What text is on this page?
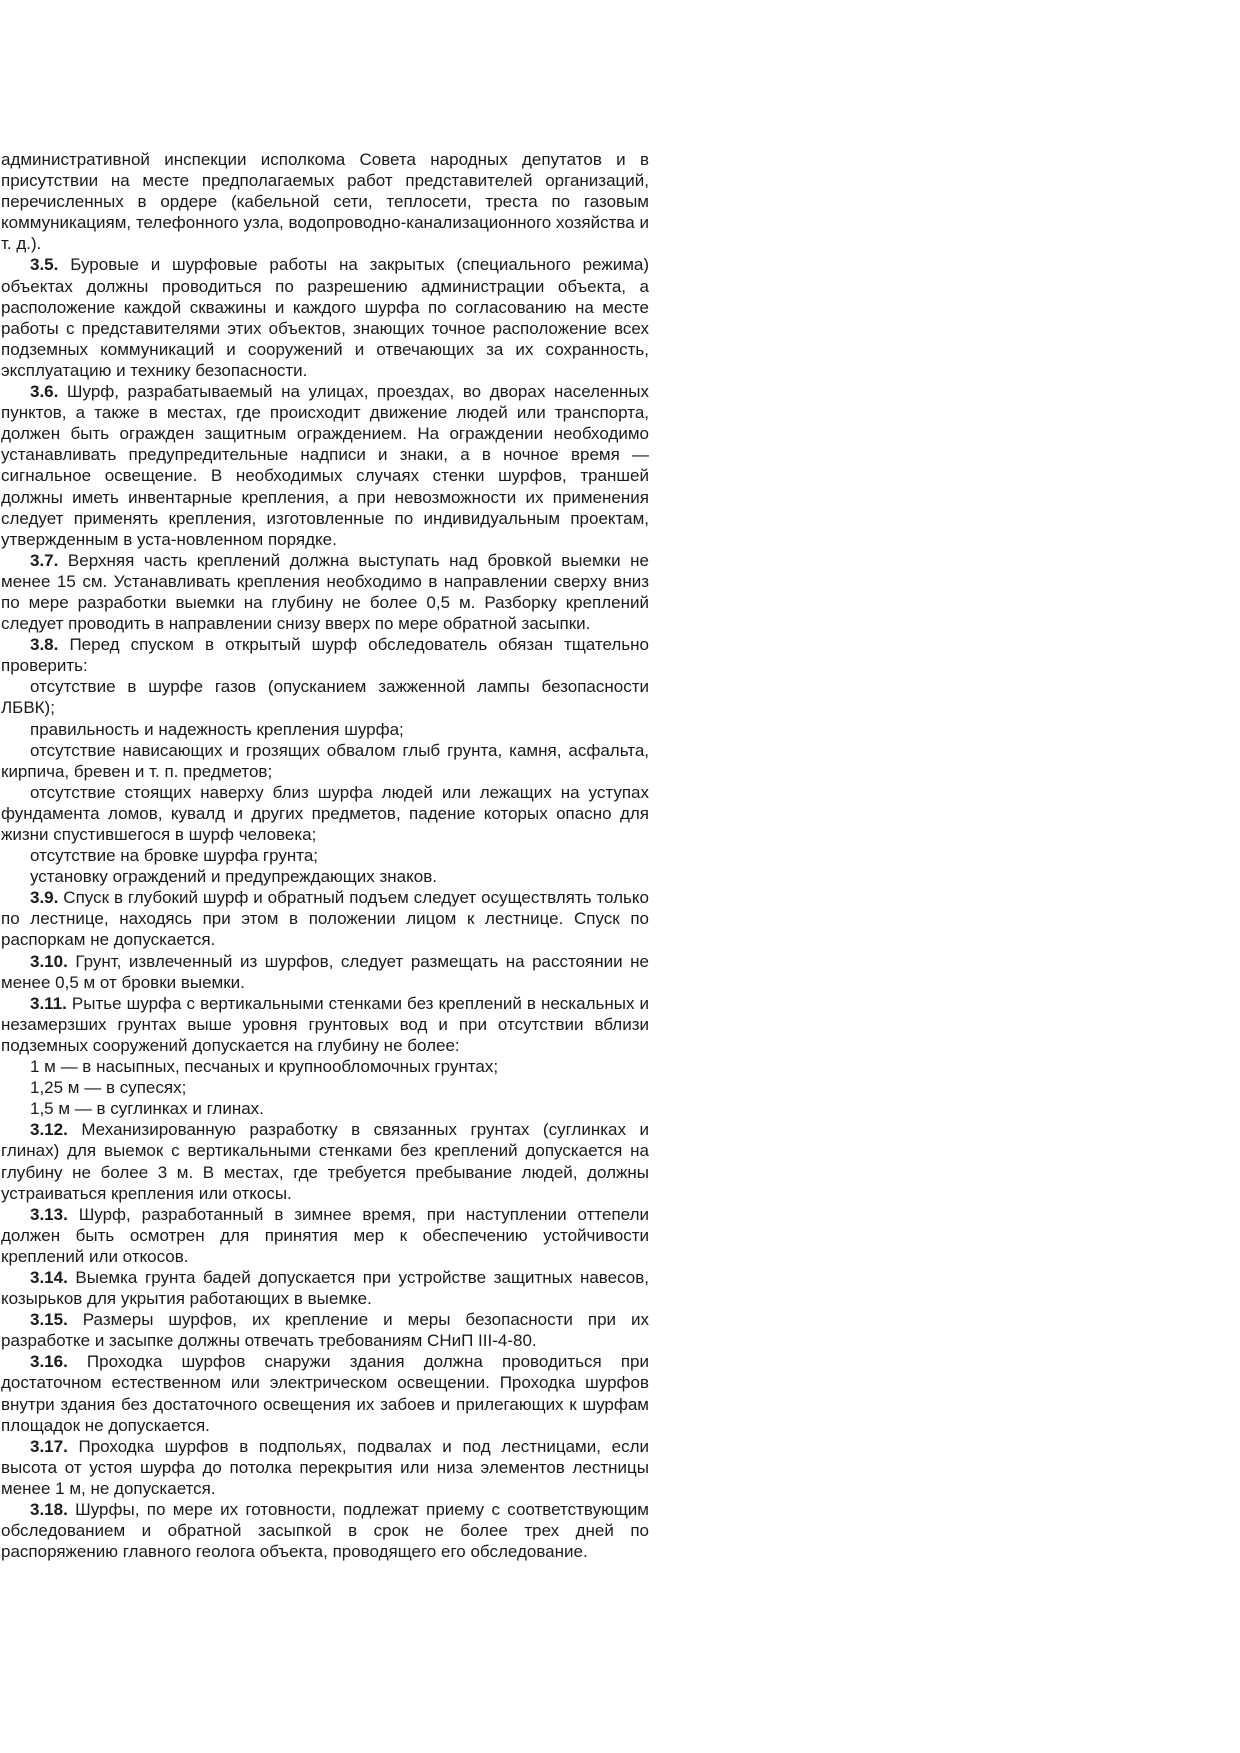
административной инспекции исполкома Совета народных депутатов и в присутствии на месте предполагаемых работ представителей организаций, перечисленных в ордере (кабельной сети, теплосети, треста по газовым коммуникациям, телефонного узла, водопроводно-канализационного хозяйства и т. д.).

3.5. Буровые и шурфовые работы на закрытых (специального режима) объектах должны проводиться по разрешению администрации объекта, а расположение каждой скважины и каждого шурфа по согласованию на месте работы с представителями этих объектов, знающих точное расположение всех подземных коммуникаций и сооружений и отвечающих за их сохранность, эксплуатацию и технику безопасности.

3.6. Шурф, разрабатываемый на улицах, проездах, во дворах населенных пунктов, а также в местах, где происходит движение людей или транспорта, должен быть огражден защитным ограждением. На ограждении необходимо устанавливать предупредительные надписи и знаки, а в ночное время — сигнальное освещение. В необходимых случаях стенки шурфов, траншей должны иметь инвентарные крепления, а при невозможности их применения следует применять крепления, изготовленные по индивидуальным проектам, утвержденным в уста-новленном порядке.

3.7. Верхняя часть креплений должна выступать над бровкой выемки не менее 15 см. Устанавливать крепления необходимо в направлении сверху вниз по мере разработки выемки на глубину не более 0,5 м. Разборку креплений следует проводить в направлении снизу вверх по мере обратной засыпки.

3.8. Перед спуском в открытый шурф обследователь обязан тщательно проверить:

отсутствие в шурфе газов (опусканием зажженной лампы безопасности ЛБВК);

правильность и надежность крепления шурфа;

отсутствие нависающих и грозящих обвалом глыб грунта, камня, асфальта, кирпича, бревен и т. п. предметов;

отсутствие стоящих наверху близ шурфа людей или лежащих на уступах фундамента ломов, кувалд и других предметов, падение которых опасно для жизни спустившегося в шурф человека;

отсутствие на бровке шурфа грунта;

установку ограждений и предупреждающих знаков.

3.9. Спуск в глубокий шурф и обратный подъем следует осуществлять только по лестнице, находясь при этом в положении лицом к лестнице. Спуск по распоркам не допускается.

3.10. Грунт, извлеченный из шурфов, следует размещать на расстоянии не менее 0,5 м от бровки выемки.

3.11. Рытье шурфа с вертикальными стенками без креплений в нескальных и незамерзших грунтах выше уровня грунтовых вод и при отсутствии вблизи подземных сооружений допускается на глубину не более:

1 м — в насыпных, песчаных и крупнообломочных грунтах;

1,25 м — в супесях;

1,5 м — в суглинках и глинах.

3.12. Механизированную разработку в связанных грунтах (суглинках и глинах) для выемок с вертикальными стенками без креплений допускается на глубину не более 3 м. В местах, где требуется пребывание людей, должны устраиваться крепления или откосы.

3.13. Шурф, разработанный в зимнее время, при наступлении оттепели должен быть осмотрен для принятия мер к обеспечению устойчивости креплений или откосов.

3.14. Выемка грунта бадей допускается при устройстве защитных навесов, козырьков для укрытия работающих в выемке.

3.15. Размеры шурфов, их крепление и меры безопасности при их разработке и засыпке должны отвечать требованиям СНиП III-4-80.

3.16. Проходка шурфов снаружи здания должна проводиться при достаточном естественном или электрическом освещении. Проходка шурфов внутри здания без достаточного освещения их забоев и прилегающих к шурфам площадок не допускается.

3.17. Проходка шурфов в подпольях, подвалах и под лестницами, если высота от устоя шурфа до потолка перекрытия или низа элементов лестницы менее 1 м, не допускается.

3.18. Шурфы, по мере их готовности, подлежат приему с соответствующим обследованием и обратной засыпкой в срок не более трех дней по распоряжению главного геолога объекта, проводящего его обследование.
